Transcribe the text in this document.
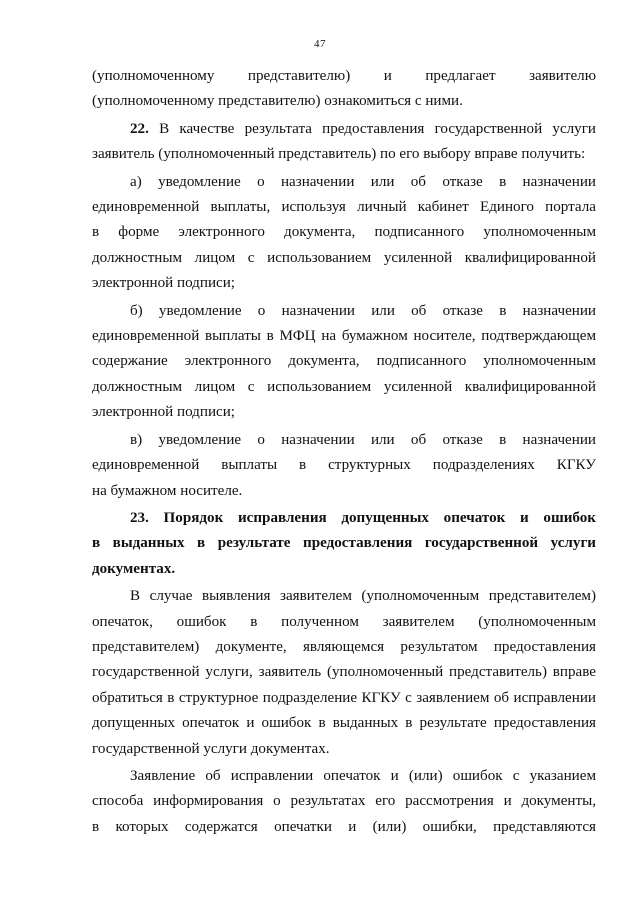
47
(уполномоченному представителю) и предлагает заявителю
(уполномоченному представителю) ознакомиться с ними.
22. В качестве результата предоставления государственной услуги
заявитель (уполномоченный представитель) по его выбору вправе получить:
а) уведомление о назначении или об отказе в назначении
единовременной выплаты, используя личный кабинет Единого портала
в форме электронного документа, подписанного уполномоченным
должностным лицом с использованием усиленной квалифицированной
электронной подписи;
б) уведомление о назначении или об отказе в назначении
единовременной выплаты в МФЦ на бумажном носителе, подтверждающем
содержание электронного документа, подписанного уполномоченным
должностным лицом с использованием усиленной квалифицированной
электронной подписи;
в) уведомление о назначении или об отказе в назначении
единовременной выплаты в структурных подразделениях КГКУ
на бумажном носителе.
23. Порядок исправления допущенных опечаток и ошибок
в выданных в результате предоставления государственной услуги
документах.
В случае выявления заявителем (уполномоченным представителем)
опечаток, ошибок в полученном заявителем (уполномоченным
представителем) документе, являющемся результатом предоставления
государственной услуги, заявитель (уполномоченный представитель) вправе
обратиться в структурное подразделение КГКУ с заявлением об исправлении
допущенных опечаток и ошибок в выданных в результате предоставления
государственной услуги документах.
Заявление об исправлении опечаток и (или) ошибок с указанием
способа информирования о результатах его рассмотрения и документы,
в которых содержатся опечатки и (или) ошибки, представляются
